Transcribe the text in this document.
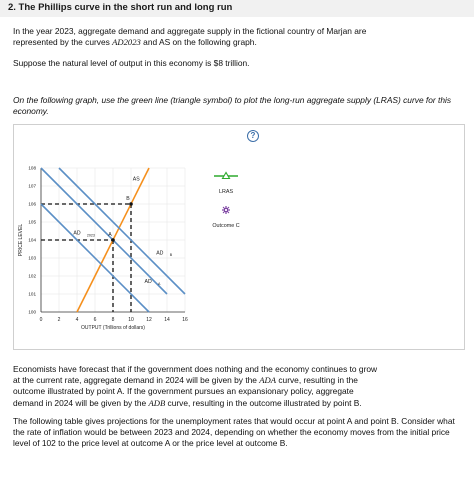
2. The Phillips curve in the short run and long run
In the year 2023, aggregate demand and aggregate supply in the fictional country of Marjan are
represented by the curves AD2023 and AS on the following graph.
Suppose the natural level of output in this economy is $8 trillion.
On the following graph, use the green line (triangle symbol) to plot the long-run aggregate supply (LRAS) curve for this economy.
?
0	2	4	6	8	10 12 14 16
100
101
102
103
104
105
106
107
108
OUTPUT (Trillions of dollars)
PRICE LEVEL	A
B
AS
AD 2023
AD B
AD A
LRAS
Outcome C
Economists have forecast that if the government does nothing and the economy continues to grow
at the current rate, aggregate demand in 2024 will be given by the ADA curve, resulting in the
outcome illustrated by point A. If the government pursues an expansionary policy, aggregate
demand in 2024 will be given by the ADB curve, resulting in the outcome illustrated by point B.
The following table gives projections for the unemployment rates that would occur at point A and point B. Consider what the rate of inflation would be between 2023 and 2024, depending on whether the economy moves from the initial price level of 102 to the price level at outcome A or the price level at outcome B.
